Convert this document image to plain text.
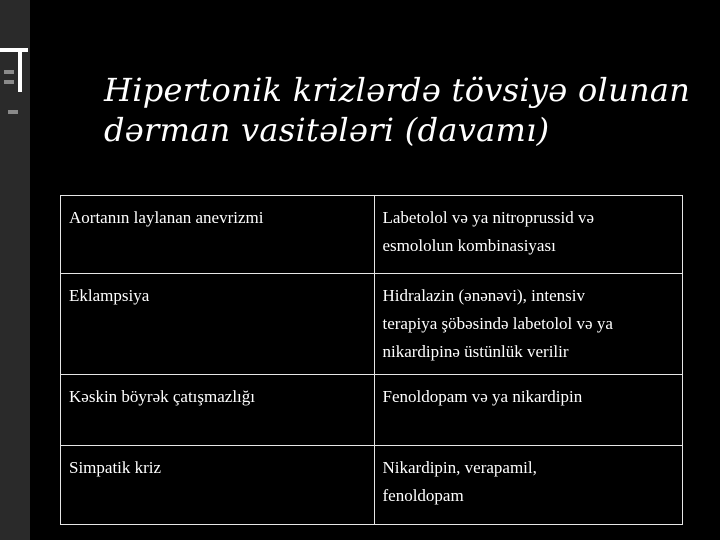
Hipertonik krizlərdə tövsiyə olunan
dərman vasitələri (davamı)
Aortanın laylanan anevrizmi	Labetolol və ya nitroprussid və
esmololun kombinasiyası

Eklampsiya	Hidralazin (ənənəvi), intensiv
terapiya şöbəsində labetolol və ya
nikardipinə üstünlük verilir

Kəskin böyrək çatışmazlığı	Fenoldopam və ya nikardipin

Simpatik kriz	Nikardipin, verapamil,
fenoldopam
